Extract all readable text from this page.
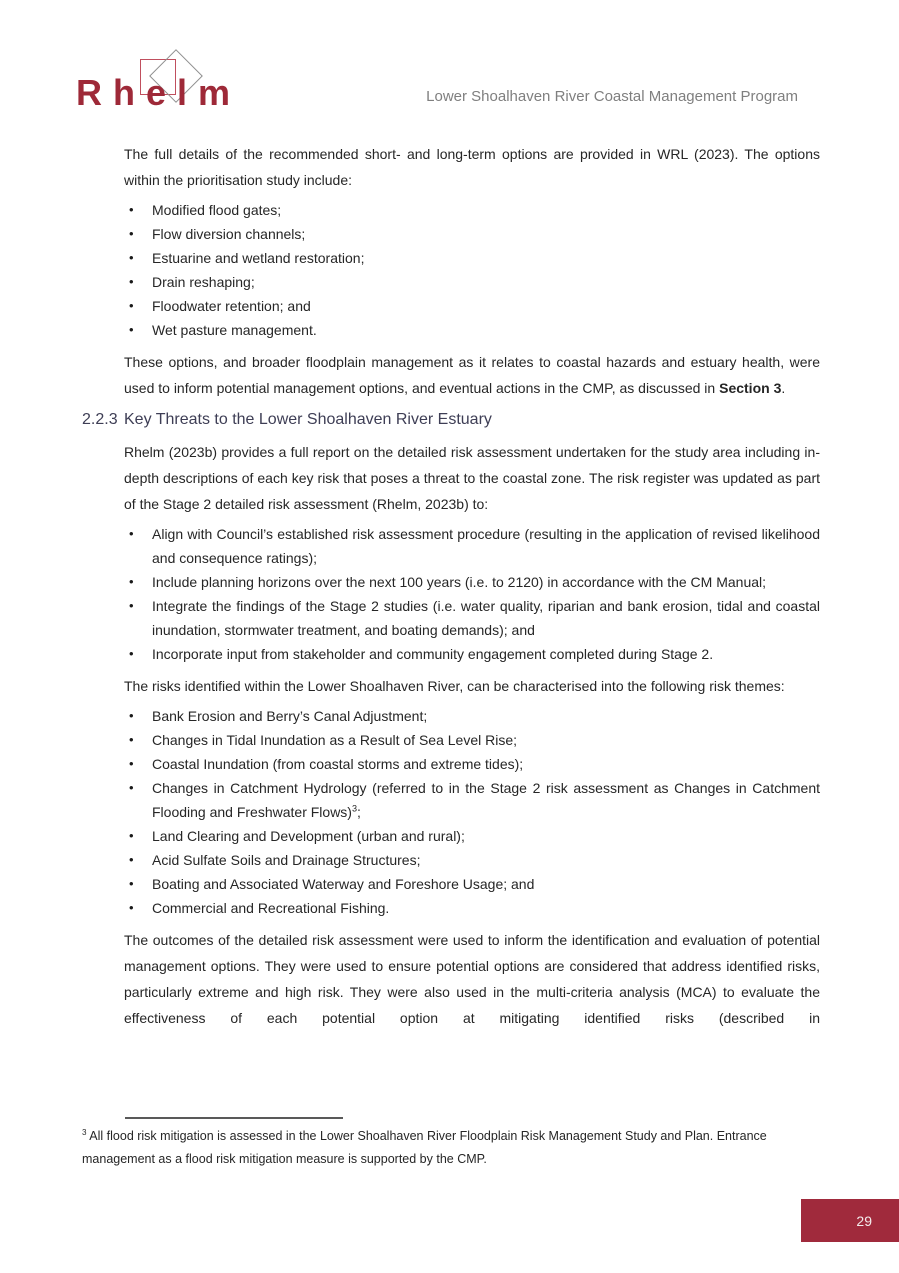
Rhelm	Lower Shoalhaven River Coastal Management Program

The full details of the recommended short- and long-term options are provided in WRL (2023). The options within the prioritisation study include:

• Modified flood gates;
• Flow diversion channels;
• Estuarine and wetland restoration;
• Drain reshaping;
• Floodwater retention; and
• Wet pasture management.

These options, and broader floodplain management as it relates to coastal hazards and estuary health, were used to inform potential management options, and eventual actions in the CMP, as discussed in Section 3.

2.2.3 Key Threats to the Lower Shoalhaven River Estuary

Rhelm (2023b) provides a full report on the detailed risk assessment undertaken for the study area including in-depth descriptions of each key risk that poses a threat to the coastal zone. The risk register was updated as part of the Stage 2 detailed risk assessment (Rhelm, 2023b) to:

• Align with Council’s established risk assessment procedure (resulting in the application of revised likelihood and consequence ratings);
• Include planning horizons over the next 100 years (i.e. to 2120) in accordance with the CM Manual;
• Integrate the findings of the Stage 2 studies (i.e. water quality, riparian and bank erosion, tidal and coastal inundation, stormwater treatment, and boating demands); and
• Incorporate input from stakeholder and community engagement completed during Stage 2.

The risks identified within the Lower Shoalhaven River, can be characterised into the following risk themes:

• Bank Erosion and Berry’s Canal Adjustment;
• Changes in Tidal Inundation as a Result of Sea Level Rise;
• Coastal Inundation (from coastal storms and extreme tides);
• Changes in Catchment Hydrology (referred to in the Stage 2 risk assessment as Changes in Catchment Flooding and Freshwater Flows)$^3$;
• Land Clearing and Development (urban and rural);
• Acid Sulfate Soils and Drainage Structures;
• Boating and Associated Waterway and Foreshore Usage; and
• Commercial and Recreational Fishing.

The outcomes of the detailed risk assessment were used to inform the identification and evaluation of potential management options. They were used to ensure potential options are considered that address identified risks, particularly extreme and high risk. They were also used in the multi-criteria analysis (MCA) to evaluate the effectiveness of each potential option at mitigating identified risks (described in

$^3$ All flood risk mitigation is assessed in the Lower Shoalhaven River Floodplain Risk Management Study and Plan. Entrance management as a flood risk mitigation measure is supported by the CMP.
29
